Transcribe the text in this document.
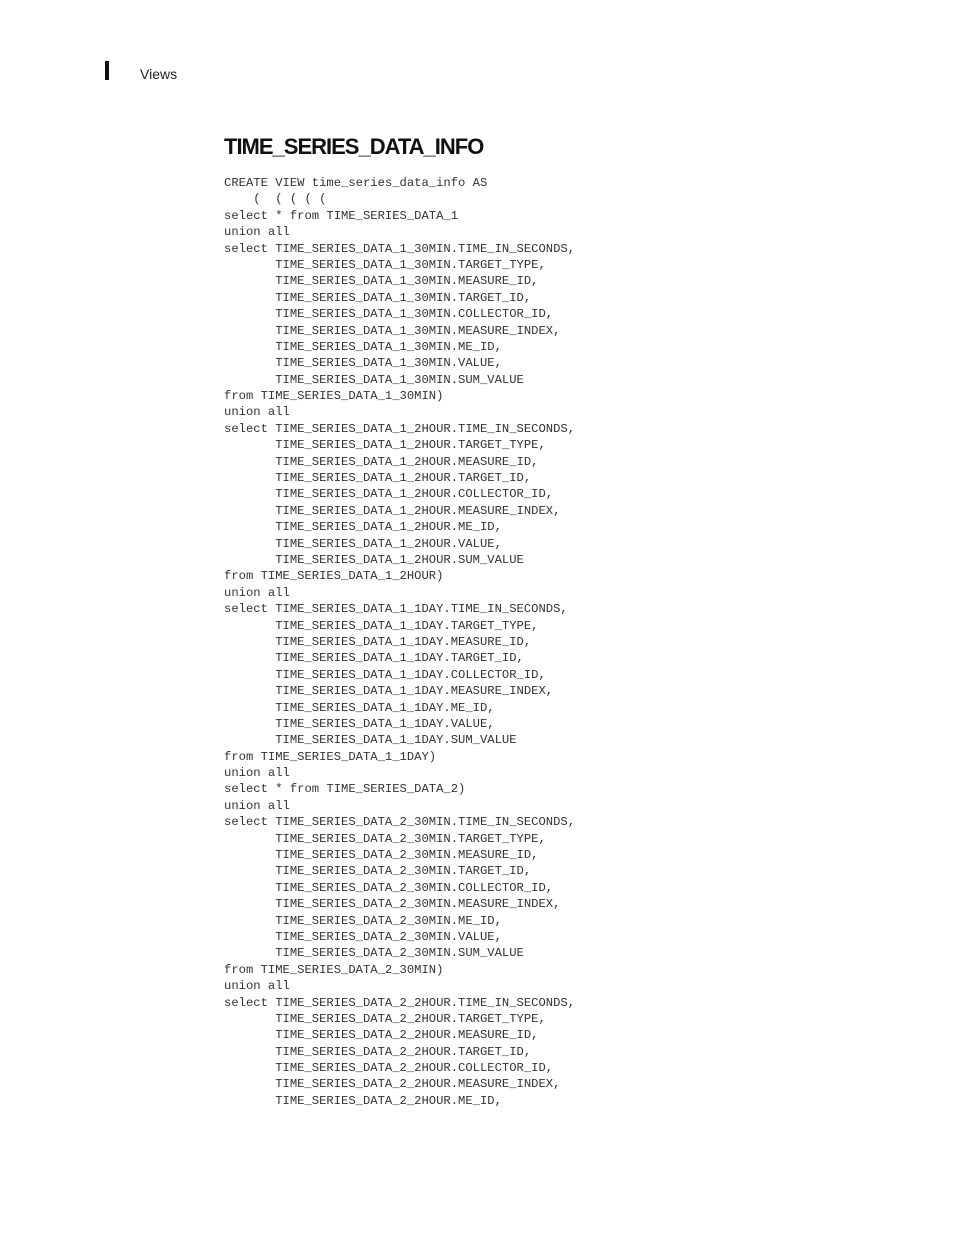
Views
TIME_SERIES_DATA_INFO
CREATE VIEW time_series_data_info AS
(  ( ( ( (
select * from TIME_SERIES_DATA_1
union all
select TIME_SERIES_DATA_1_30MIN.TIME_IN_SECONDS,
TIME_SERIES_DATA_1_30MIN.TARGET_TYPE,
TIME_SERIES_DATA_1_30MIN.MEASURE_ID,
TIME_SERIES_DATA_1_30MIN.TARGET_ID,
TIME_SERIES_DATA_1_30MIN.COLLECTOR_ID,
TIME_SERIES_DATA_1_30MIN.MEASURE_INDEX,
TIME_SERIES_DATA_1_30MIN.ME_ID,
TIME_SERIES_DATA_1_30MIN.VALUE,
TIME_SERIES_DATA_1_30MIN.SUM_VALUE
from TIME_SERIES_DATA_1_30MIN)
union all
select TIME_SERIES_DATA_1_2HOUR.TIME_IN_SECONDS,
TIME_SERIES_DATA_1_2HOUR.TARGET_TYPE,
TIME_SERIES_DATA_1_2HOUR.MEASURE_ID,
TIME_SERIES_DATA_1_2HOUR.TARGET_ID,
TIME_SERIES_DATA_1_2HOUR.COLLECTOR_ID,
TIME_SERIES_DATA_1_2HOUR.MEASURE_INDEX,
TIME_SERIES_DATA_1_2HOUR.ME_ID,
TIME_SERIES_DATA_1_2HOUR.VALUE,
TIME_SERIES_DATA_1_2HOUR.SUM_VALUE
from TIME_SERIES_DATA_1_2HOUR)
union all
select TIME_SERIES_DATA_1_1DAY.TIME_IN_SECONDS,
TIME_SERIES_DATA_1_1DAY.TARGET_TYPE,
TIME_SERIES_DATA_1_1DAY.MEASURE_ID,
TIME_SERIES_DATA_1_1DAY.TARGET_ID,
TIME_SERIES_DATA_1_1DAY.COLLECTOR_ID,
TIME_SERIES_DATA_1_1DAY.MEASURE_INDEX,
TIME_SERIES_DATA_1_1DAY.ME_ID,
TIME_SERIES_DATA_1_1DAY.VALUE,
TIME_SERIES_DATA_1_1DAY.SUM_VALUE
from TIME_SERIES_DATA_1_1DAY)
union all
select * from TIME_SERIES_DATA_2)
union all
select TIME_SERIES_DATA_2_30MIN.TIME_IN_SECONDS,
TIME_SERIES_DATA_2_30MIN.TARGET_TYPE,
TIME_SERIES_DATA_2_30MIN.MEASURE_ID,
TIME_SERIES_DATA_2_30MIN.TARGET_ID,
TIME_SERIES_DATA_2_30MIN.COLLECTOR_ID,
TIME_SERIES_DATA_2_30MIN.MEASURE_INDEX,
TIME_SERIES_DATA_2_30MIN.ME_ID,
TIME_SERIES_DATA_2_30MIN.VALUE,
TIME_SERIES_DATA_2_30MIN.SUM_VALUE
from TIME_SERIES_DATA_2_30MIN)
union all
select TIME_SERIES_DATA_2_2HOUR.TIME_IN_SECONDS,
TIME_SERIES_DATA_2_2HOUR.TARGET_TYPE,
TIME_SERIES_DATA_2_2HOUR.MEASURE_ID,
TIME_SERIES_DATA_2_2HOUR.TARGET_ID,
TIME_SERIES_DATA_2_2HOUR.COLLECTOR_ID,
TIME_SERIES_DATA_2_2HOUR.MEASURE_INDEX,
TIME_SERIES_DATA_2_2HOUR.ME_ID,
